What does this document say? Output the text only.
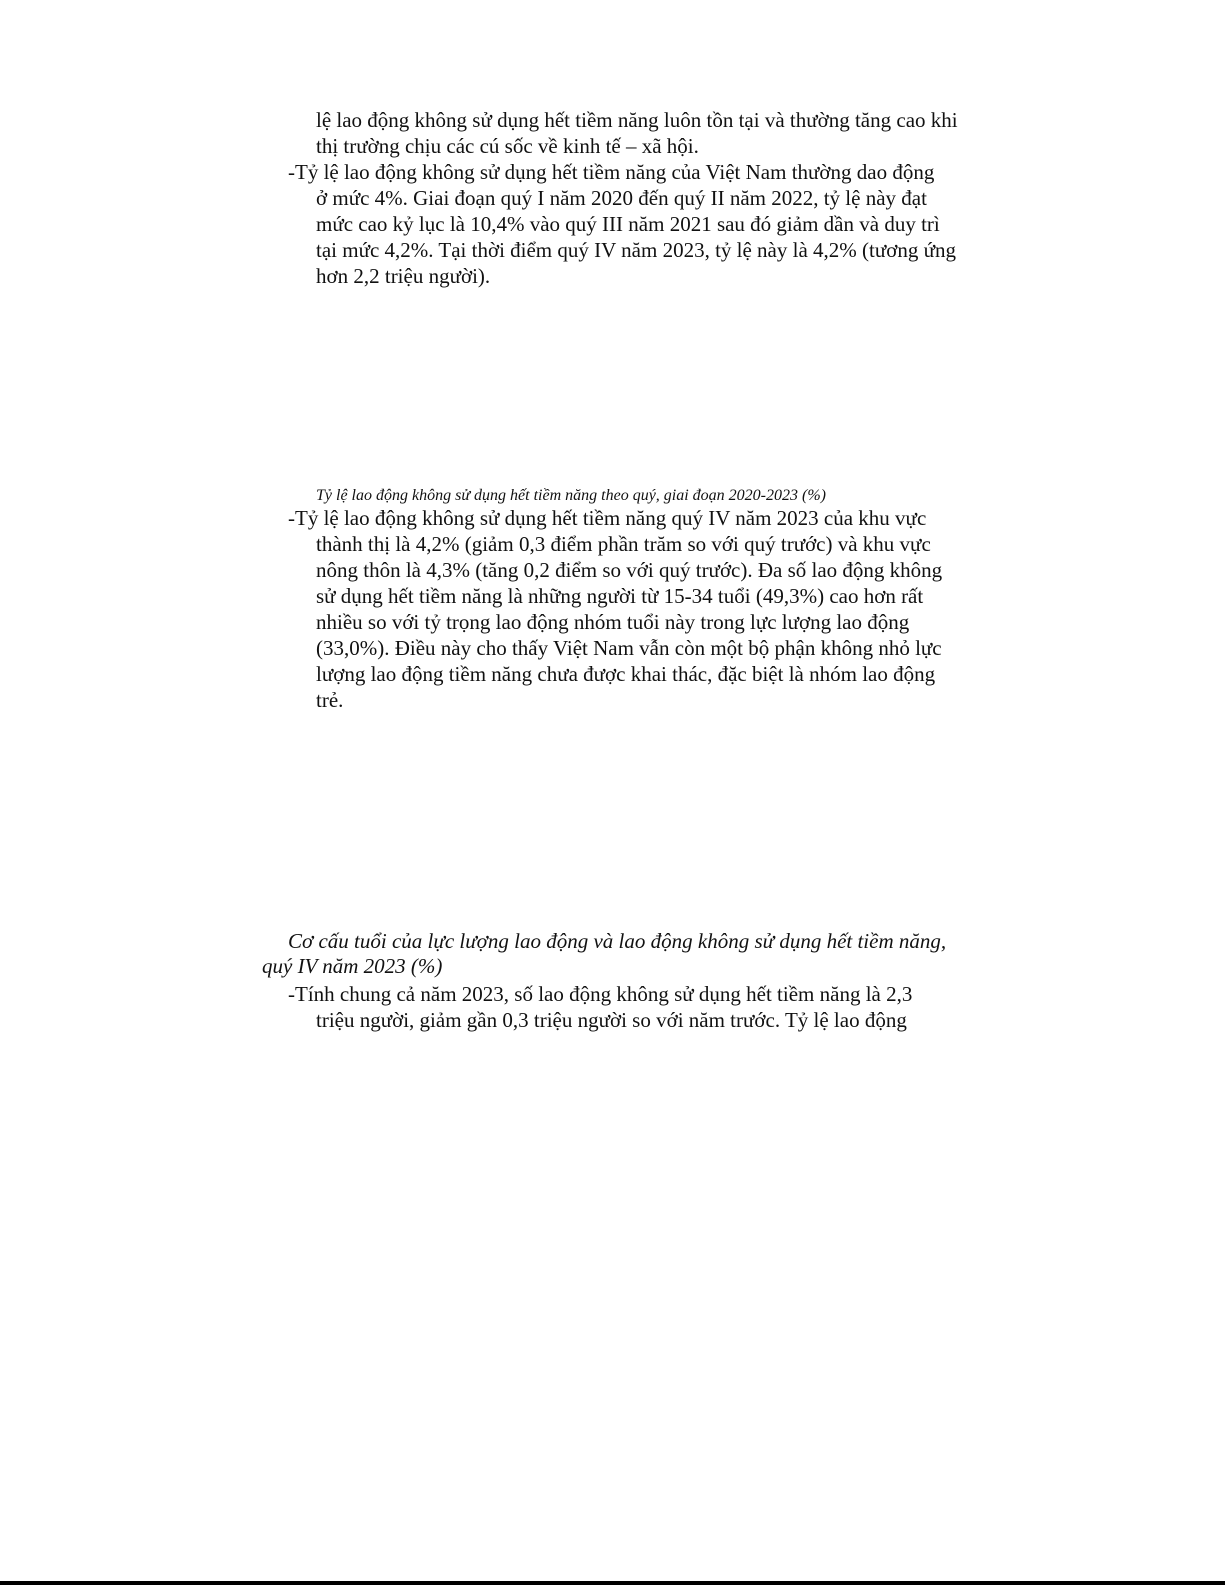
lệ lao động không sử dụng hết tiềm năng luôn tồn tại và thường tăng cao khi
thị trường chịu các cú sốc về kinh tế – xã hội.
-Tỷ lệ lao động không sử dụng hết tiềm năng của Việt Nam thường dao động
ở mức 4%. Giai đoạn quý I năm 2020 đến quý II năm 2022, tỷ lệ này đạt
mức cao kỷ lục là 10,4% vào quý III năm 2021 sau đó giảm dần và duy trì
tại mức 4,2%. Tại thời điểm quý IV năm 2023, tỷ lệ này là 4,2% (tương ứng
hơn 2,2 triệu người).
Tỷ lệ lao động không sử dụng hết tiềm năng theo quý, giai đoạn 2020-2023 (%)
-Tỷ lệ lao động không sử dụng hết tiềm năng quý IV năm 2023 của khu vực
thành thị là 4,2% (giảm 0,3 điểm phần trăm so với quý trước) và khu vực
nông thôn là 4,3% (tăng 0,2 điểm so với quý trước). Đa số lao động không
sử dụng hết tiềm năng là những người từ 15-34 tuổi (49,3%) cao hơn rất
nhiều so với tỷ trọng lao động nhóm tuổi này trong lực lượng lao động
(33,0%). Điều này cho thấy Việt Nam vẫn còn một bộ phận không nhỏ lực
lượng lao động tiềm năng chưa được khai thác, đặc biệt là nhóm lao động
trẻ.
Cơ cấu tuổi của lực lượng lao động và lao động không sử dụng hết tiềm năng,
quý IV năm 2023 (%)
-Tính chung cả năm 2023, số lao động không sử dụng hết tiềm năng là 2,3
triệu người, giảm gần 0,3 triệu người so với năm trước. Tỷ lệ lao động
